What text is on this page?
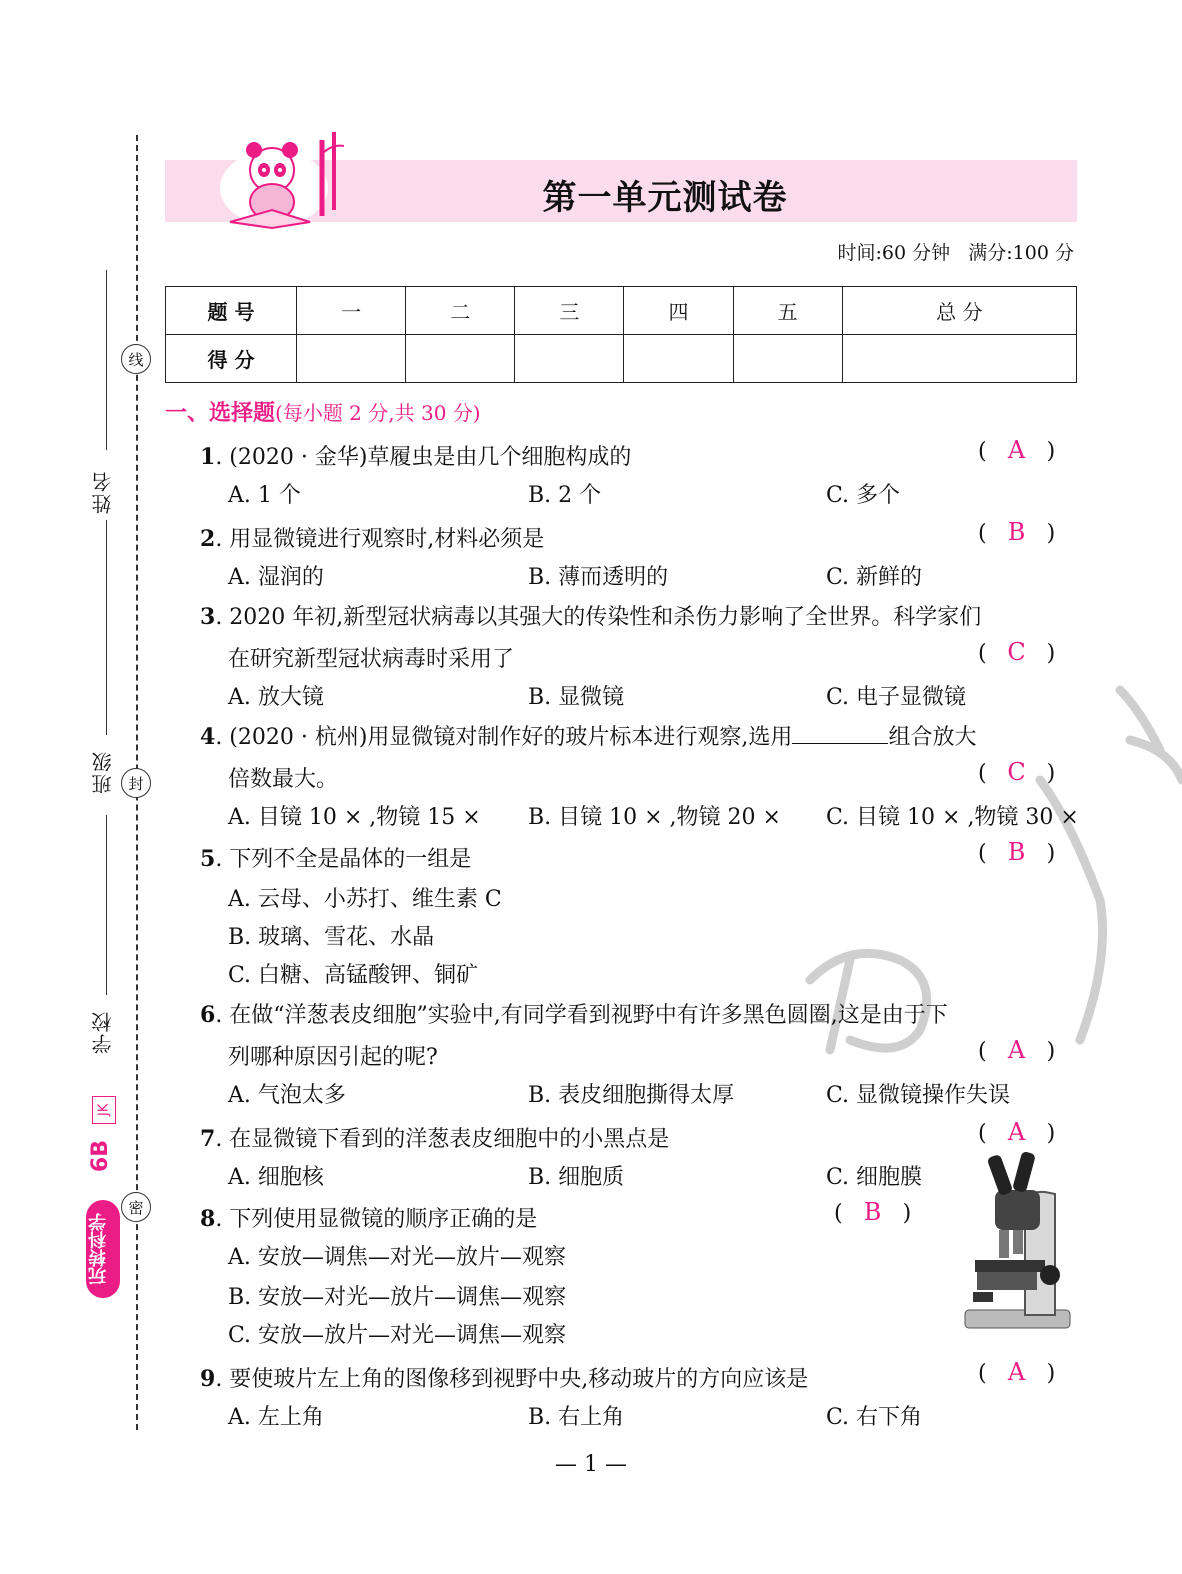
姓名
班级
学校
线
封
密
JK
6B
玩转科学
第一单元测试卷
时间:60 分钟 满分:100 分
题 号	一	二	三	四	五	总 分
得 分						
一、选择题(每小题 2 分,共 30 分)
1. (2020 · 金华)草履虫是由几个细胞构成的	( A )
A. 1 个	B. 2 个	C. 多个
2. 用显微镜进行观察时,材料必须是	( B )
A. 湿润的	B. 薄而透明的	C. 新鲜的
3. 2020 年初,新型冠状病毒以其强大的传染性和杀伤力影响了全世界。科学家们
在研究新型冠状病毒时采用了	( C )
A. 放大镜	B. 显微镜	C. 电子显微镜
4. (2020 · 杭州)用显微镜对制作好的玻片标本进行观察,选用	组合放大
倍数最大。	( C )
A. 目镜 10 × ,物镜 15 × B. 目镜 10 × ,物镜 20 × C. 目镜 10 × ,物镜 30 ×
5. 下列不全是晶体的一组是	( B )
A. 云母、小苏打、维生素 C
B. 玻璃、雪花、水晶
C. 白糖、高锰酸钾、铜矿
6. 在做“洋葱表皮细胞”实验中,有同学看到视野中有许多黑色圆圈,这是由于下
列哪种原因引起的呢?	( A )
A. 气泡太多	B. 表皮细胞撕得太厚	C. 显微镜操作失误
7. 在显微镜下看到的洋葱表皮细胞中的小黑点是	( A )
A. 细胞核	B. 细胞质	C. 细胞膜
8. 下列使用显微镜的顺序正确的是	( B )
A. 安放—调焦—对光—放片—观察
B. 安放—对光—放片—调焦—观察
C. 安放—放片—对光—调焦—观察
9. 要使玻片左上角的图像移到视野中央,移动玻片的方向应该是	( A )
A. 左上角	B. 右上角	C. 右下角
— 1 —
